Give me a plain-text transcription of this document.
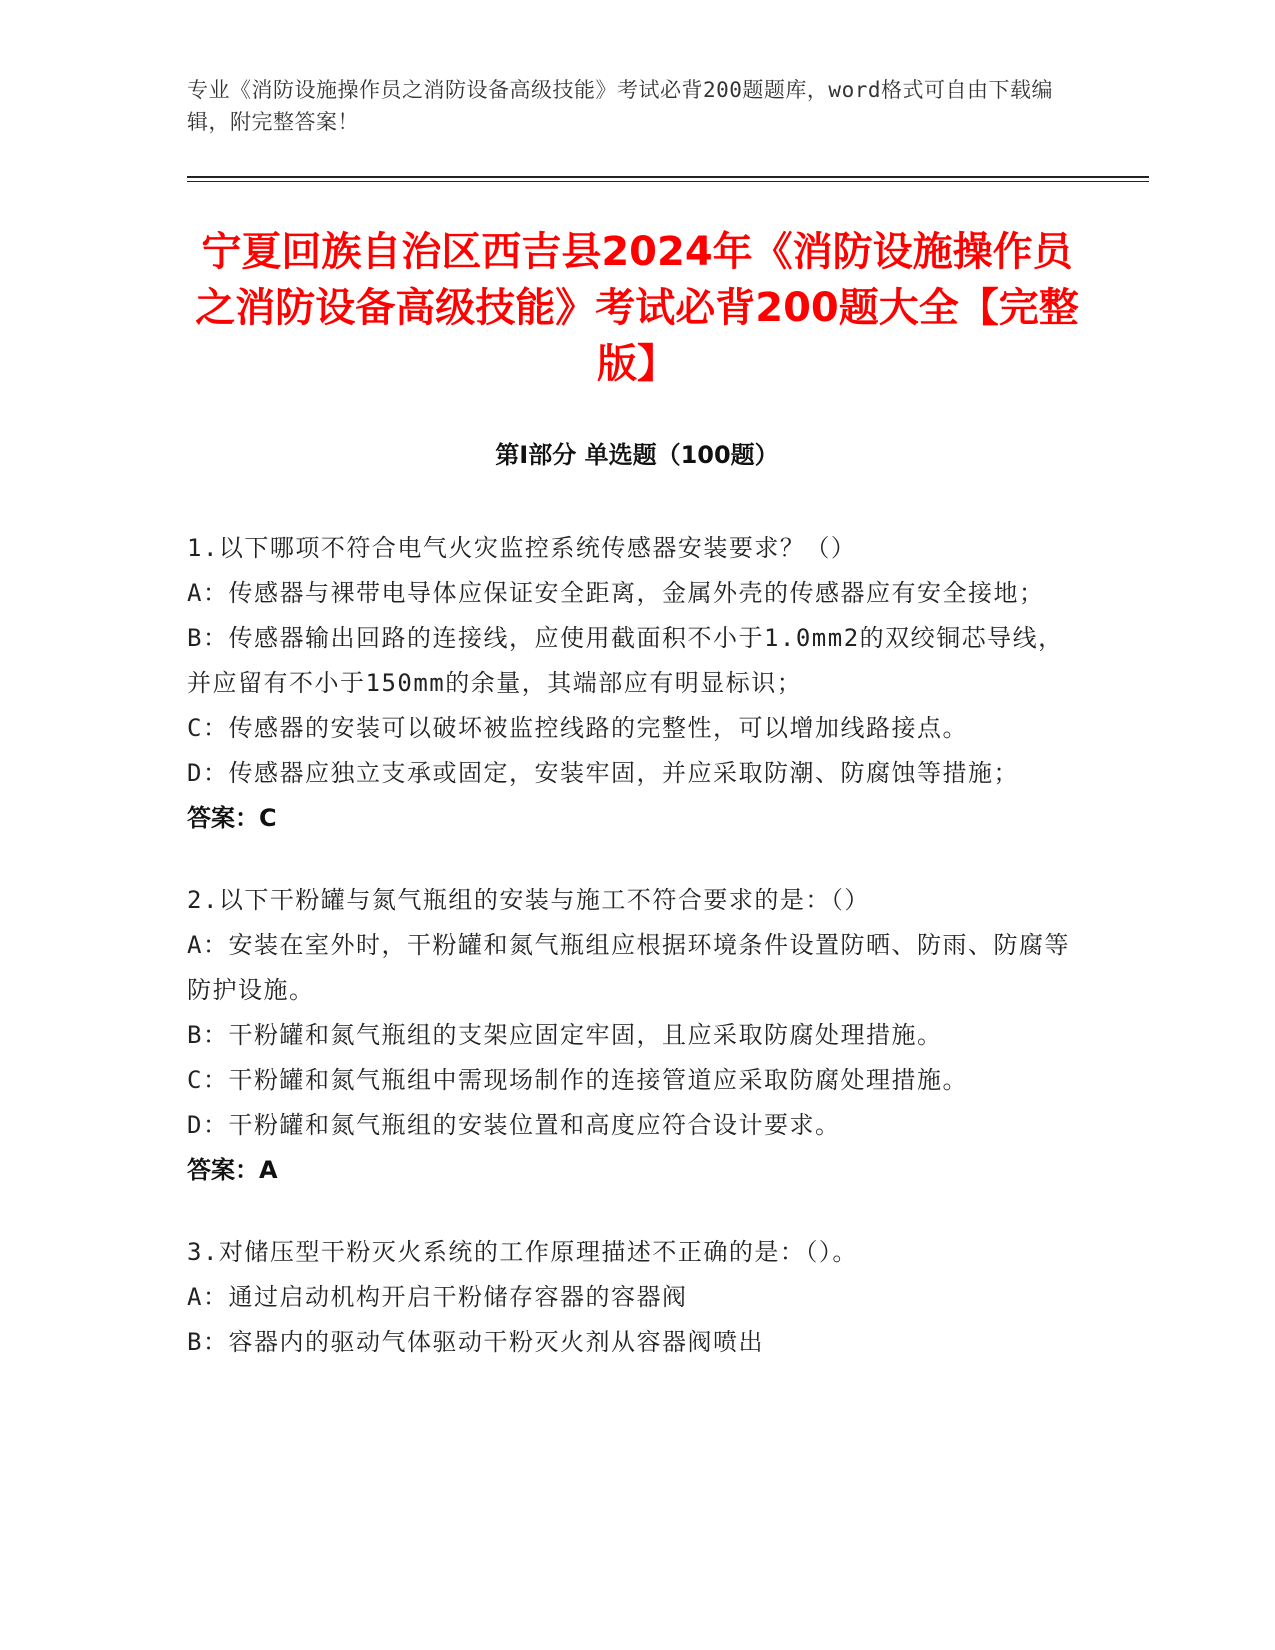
专业《消防设施操作员之消防设备高级技能》考试必背200题题库，word格式可自由下载编辑，附完整答案！
宁夏回族自治区西吉县2024年《消防设施操作员之消防设备高级技能》考试必背200题大全【完整版】
第I部分 单选题（100题）
1.以下哪项不符合电气火灾监控系统传感器安装要求？（）
A：传感器与裸带电导体应保证安全距离，金属外壳的传感器应有安全接地；
B：传感器输出回路的连接线，应使用截面积不小于1.0mm2的双绞铜芯导线，并应留有不小于150mm的余量，其端部应有明显标识；
C：传感器的安装可以破坏被监控线路的完整性，可以增加线路接点。
D：传感器应独立支承或固定，安装牢固，并应采取防潮、防腐蚀等措施；
答案：C
2.以下干粉罐与氮气瓶组的安装与施工不符合要求的是：（）
A：安装在室外时，干粉罐和氮气瓶组应根据环境条件设置防晒、防雨、防腐等防护设施。
B：干粉罐和氮气瓶组的支架应固定牢固，且应采取防腐处理措施。
C：干粉罐和氮气瓶组中需现场制作的连接管道应采取防腐处理措施。
D：干粉罐和氮气瓶组的安装位置和高度应符合设计要求。
答案：A
3.对储压型干粉灭火系统的工作原理描述不正确的是：（）。
A：通过启动机构开启干粉储存容器的容器阀
B：容器内的驱动气体驱动干粉灭火剂从容器阀喷出
